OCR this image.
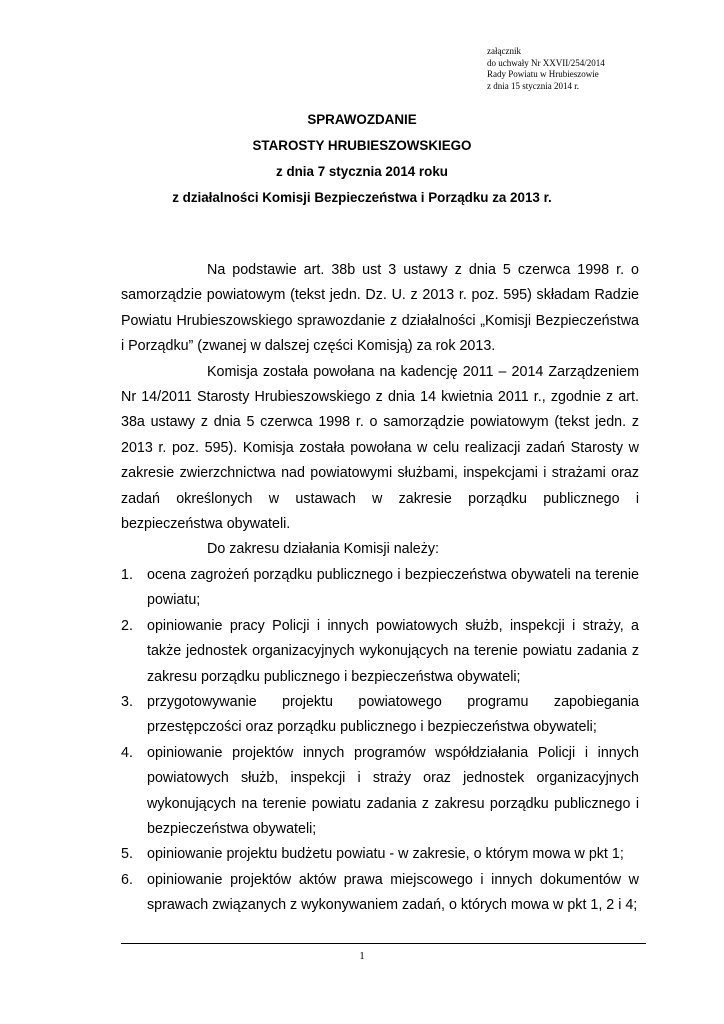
załącznik
do uchwały Nr XXVII/254/2014
Rady Powiatu w Hrubieszowie
z dnia 15 stycznia 2014 r.
SPRAWOZDANIE
STAROSTY HRUBIESZOWSKIEGO
z dnia 7 stycznia 2014 roku
z działalności Komisji Bezpieczeństwa i Porządku za 2013 r.

Na podstawie art. 38b ust 3 ustawy z dnia 5 czerwca 1998 r. o samorządzie powiatowym (tekst jedn. Dz. U. z 2013 r. poz. 595) składam Radzie Powiatu Hrubieszowskiego sprawozdanie z działalności „Komisji Bezpieczeństwa i Porządku” (zwanej w dalszej części Komisją) za rok 2013.

Komisja została powołana na kadencję 2011 – 2014 Zarządzeniem Nr 14/2011 Starosty Hrubieszowskiego z dnia 14 kwietnia 2011 r., zgodnie z art. 38a ustawy z dnia 5 czerwca 1998 r. o samorządzie powiatowym (tekst jedn. z 2013 r. poz. 595). Komisja została powołana w celu realizacji zadań Starosty w zakresie zwierzchnictwa nad powiatowymi służbami, inspekcjami i strażami oraz zadań określonych w ustawach w zakresie porządku publicznego i bezpieczeństwa obywateli.

Do zakresu działania Komisji należy:

1. ocena zagrożeń porządku publicznego i bezpieczeństwa obywateli na terenie powiatu;
2. opiniowanie pracy Policji i innych powiatowych służb, inspekcji i straży, a także jednostek organizacyjnych wykonujących na terenie powiatu zadania z zakresu porządku publicznego i bezpieczeństwa obywateli;
3. przygotowywanie projektu powiatowego programu zapobiegania przestępczości oraz porządku publicznego i bezpieczeństwa obywateli;
4. opiniowanie projektów innych programów współdziałania Policji i innych powiatowych służb, inspekcji i straży oraz jednostek organizacyjnych wykonujących na terenie powiatu zadania z zakresu porządku publicznego i bezpieczeństwa obywateli;
5. opiniowanie projektu budżetu powiatu - w zakresie, o którym mowa w pkt 1;
6. opiniowanie projektów aktów prawa miejscowego i innych dokumentów w sprawach związanych z wykonywaniem zadań, o których mowa w pkt 1, 2 i 4;
1
